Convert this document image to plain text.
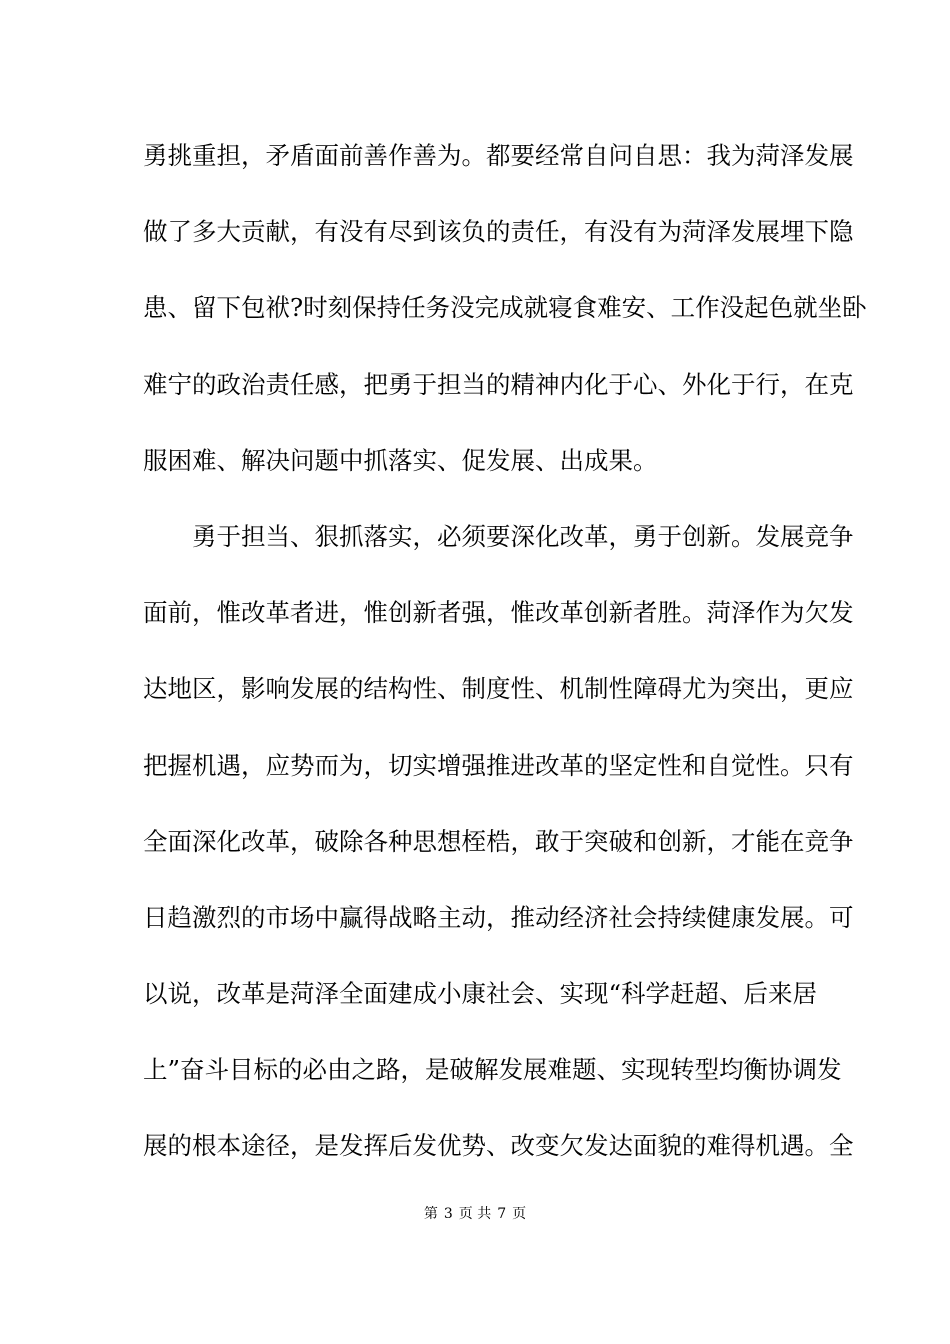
勇挑重担，矛盾面前善作善为。都要经常自问自思：我为菏泽发展
做了多大贡献，有没有尽到该负的责任，有没有为菏泽发展埋下隐
患、留下包袱?时刻保持任务没完成就寝食难安、工作没起色就坐卧
难宁的政治责任感，把勇于担当的精神内化于心、外化于行，在克
服困难、解决问题中抓落实、促发展、出成果。
勇于担当、狠抓落实，必须要深化改革，勇于创新。发展竞争
面前，惟改革者进，惟创新者强，惟改革创新者胜。菏泽作为欠发
达地区，影响发展的结构性、制度性、机制性障碍尤为突出，更应
把握机遇，应势而为，切实增强推进改革的坚定性和自觉性。只有
全面深化改革，破除各种思想桎梏，敢于突破和创新，才能在竞争
日趋激烈的市场中赢得战略主动，推动经济社会持续健康发展。可
以说，改革是菏泽全面建成小康社会、实现“科学赶超、后来居
上”奋斗目标的必由之路，是破解发展难题、实现转型均衡协调发
展的根本途径，是发挥后发优势、改变欠发达面貌的难得机遇。全
第 3 页 共 7 页
